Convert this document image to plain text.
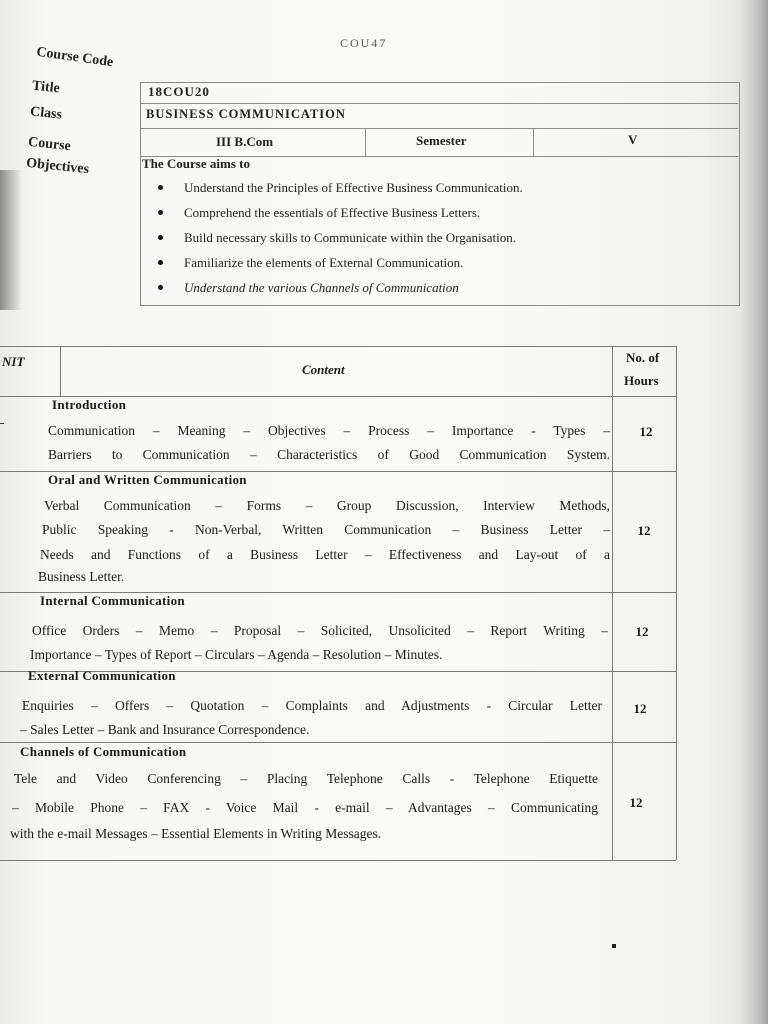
COU47
Course Code
Title
Class
Course
Objectives
18COU20
BUSINESS COMMUNICATION
III B.Com	Semester	V
The Course aims to
Understand the Principles of Effective Business Communication.
Comprehend the essentials of Effective Business Letters.
Build necessary skills to Communicate within the Organisation.
Familiarize the elements of External Communication.
Understand the various Channels of Communication
NIT
Content
No. of
Hours
Introduction
Communication – Meaning – Objectives – Process – Importance - Types –
Barriers to Communication – Characteristics of Good Communication System.
12
Oral and Written Communication
Verbal Communication – Forms – Group Discussion, Interview Methods,
Public Speaking - Non-Verbal, Written Communication – Business Letter –
Needs and Functions of a Business Letter – Effectiveness and Lay-out of a
Business Letter.
12
Internal Communication
Office Orders – Memo – Proposal – Solicited, Unsolicited – Report Writing –
Importance – Types of Report – Circulars – Agenda – Resolution – Minutes.
12
External Communication
Enquiries – Offers – Quotation – Complaints and Adjustments - Circular Letter
– Sales Letter – Bank and Insurance Correspondence.
12
Channels of Communication
Tele and Video Conferencing – Placing Telephone Calls - Telephone Etiquette
– Mobile Phone – FAX - Voice Mail - e-mail – Advantages – Communicating
with the e-mail Messages – Essential Elements in Writing Messages.
12
